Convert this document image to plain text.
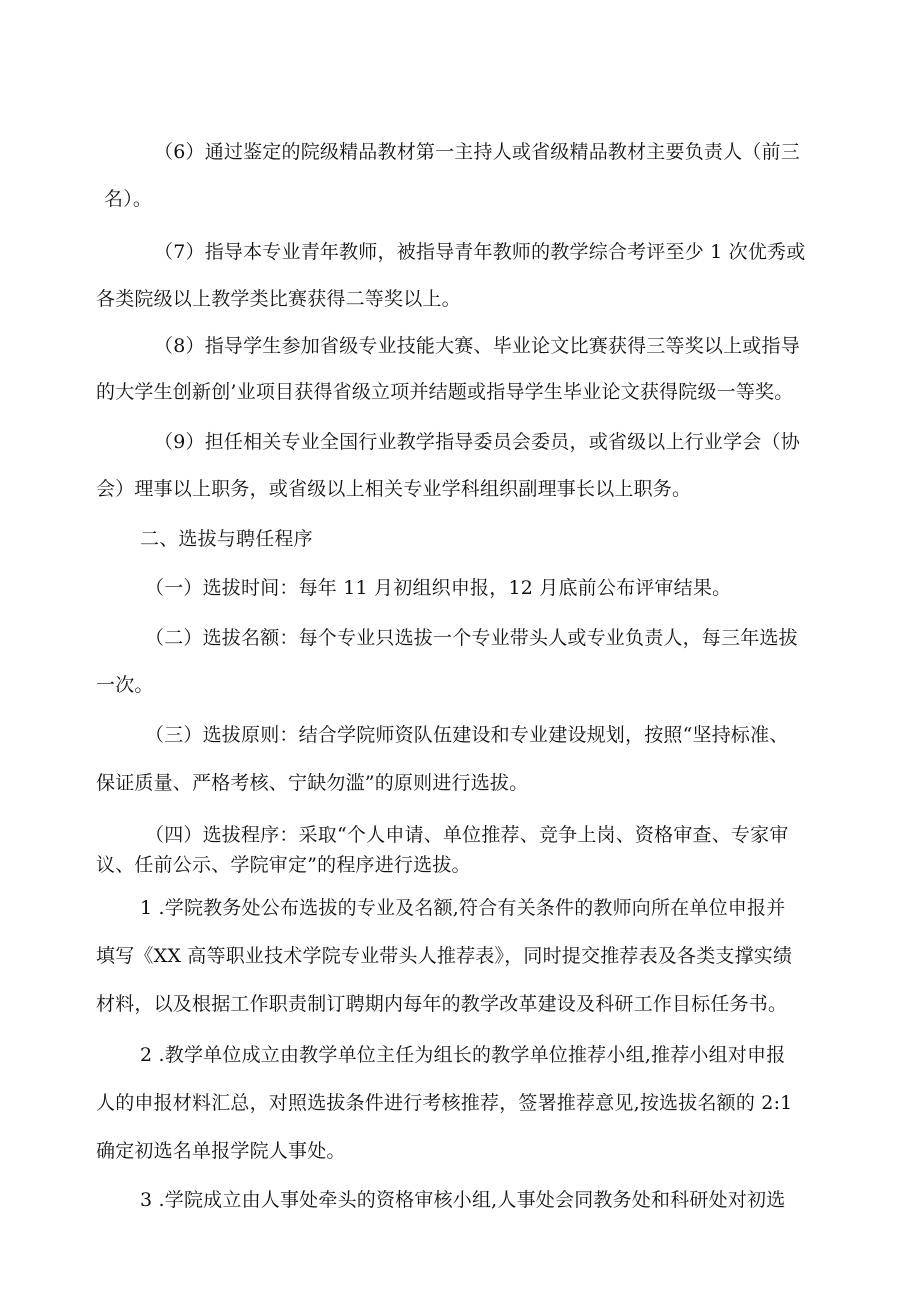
（6）通过鉴定的院级精品教材第一主持人或省级精品教材主要负责人（前三
名）。
（7）指导本专业青年教师，被指导青年教师的教学综合考评至少 1 次优秀或
各类院级以上教学类比赛获得二等奖以上。
（8）指导学生参加省级专业技能大赛、毕业论文比赛获得三等奖以上或指导
的大学生创新创’业项目获得省级立项并结题或指导学生毕业论文获得院级一等奖。
（9）担任相关专业全国行业教学指导委员会委员，或省级以上行业学会（协
会）理事以上职务，或省级以上相关专业学科组织副理事长以上职务。
二、选拔与聘任程序
（一）选拔时间：每年 11 月初组织申报，12 月底前公布评审结果。
（二）选拔名额：每个专业只选拔一个专业带头人或专业负责人，每三年选拔
一次。
（三）选拔原则：结合学院师资队伍建设和专业建设规划，按照“坚持标准、
保证质量、严格考核、宁缺勿滥”的原则进行选拔。
（四）选拔程序：采取“个人申请、单位推荐、竞争上岗、资格审查、专家审
议、任前公示、学院审定”的程序进行选拔。
1 .学院教务处公布选拔的专业及名额,符合有关条件的教师向所在单位申报并
填写《XX 高等职业技术学院专业带头人推荐表》，同时提交推荐表及各类支撑实绩
材料，以及根据工作职责制订聘期内每年的教学改革建设及科研工作目标任务书。
2 .教学单位成立由教学单位主任为组长的教学单位推荐小组,推荐小组对申报
人的申报材料汇总，对照选拔条件进行考核推荐，签署推荐意见,按选拔名额的 2:1
确定初选名单报学院人事处。
3 .学院成立由人事处牵头的资格审核小组,人事处会同教务处和科研处对初选
